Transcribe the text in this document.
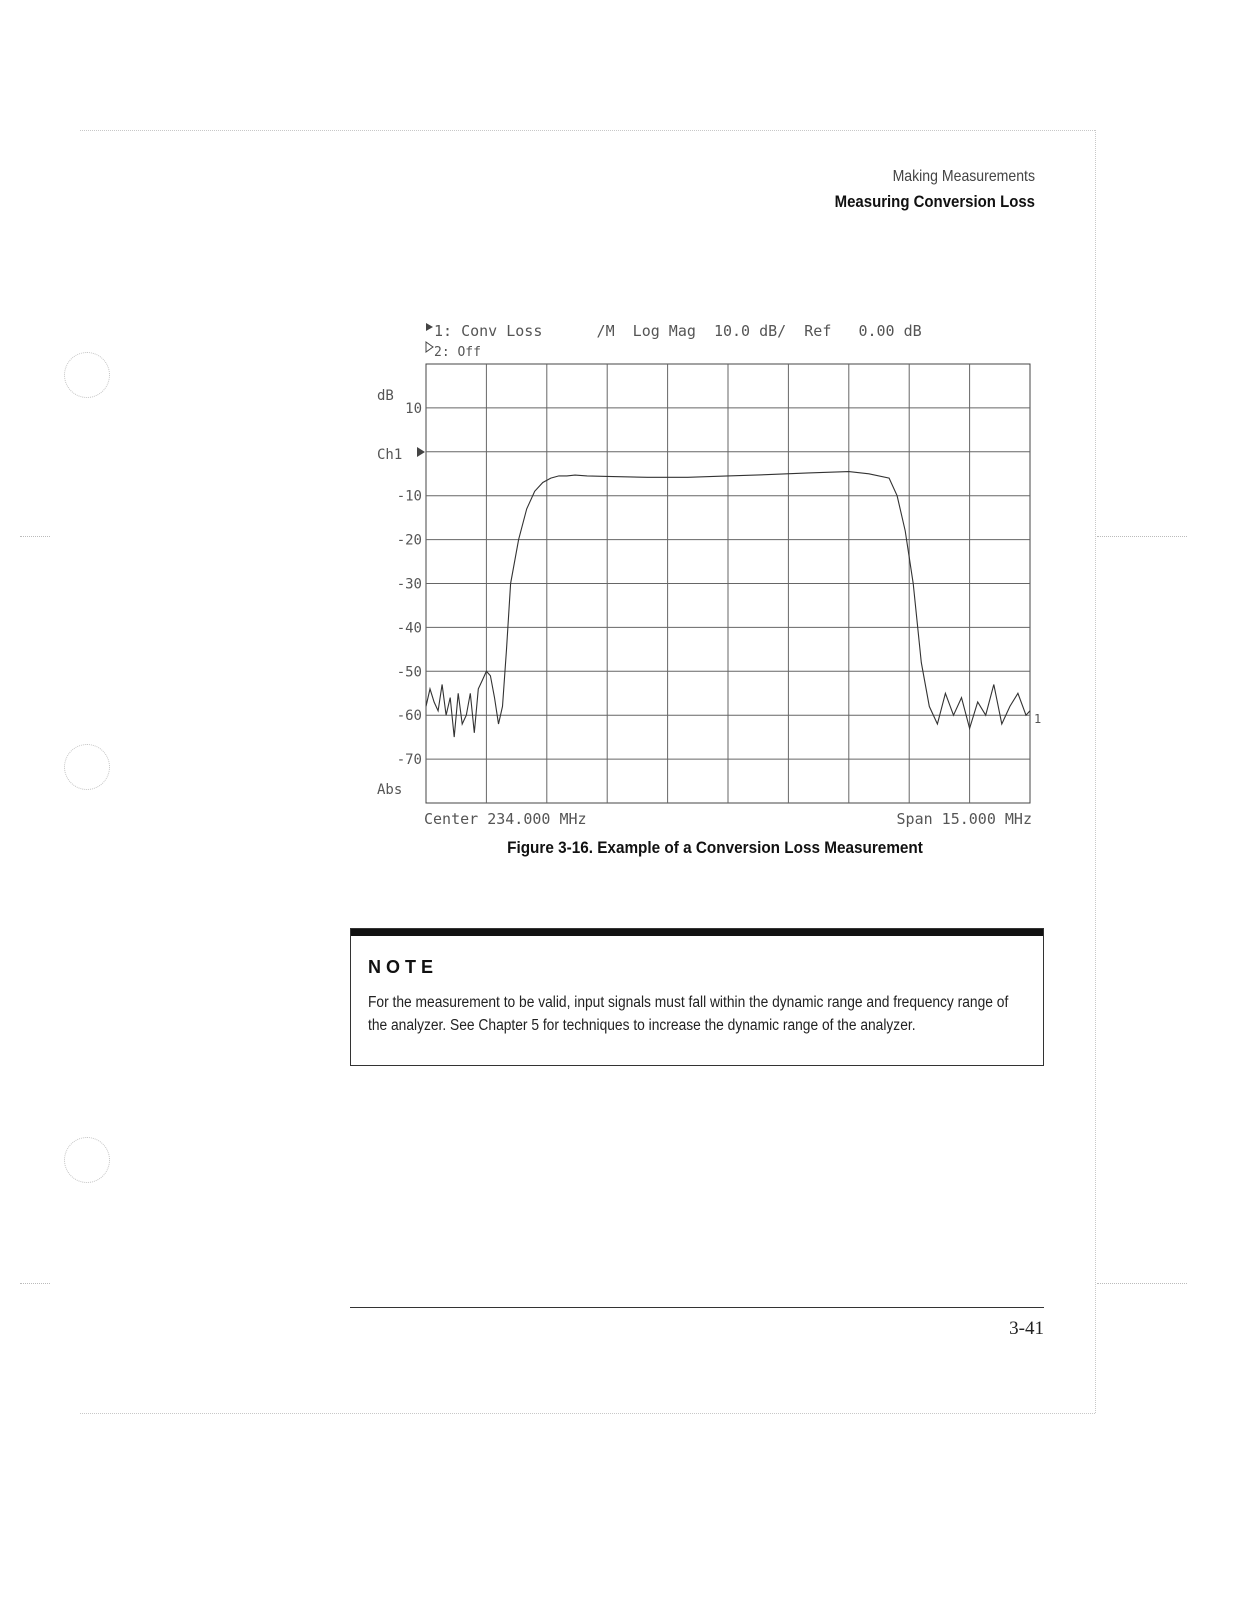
Making Measurements
Measuring Conversion Loss
1: Conv Loss      /M  Log Mag  10.0 dB/  Ref   0.00 dB
2: Off
dB
Ch1
Abs
10
-10
-20
-30
-40
-50
-60
-70
1
Center 234.000 MHz	Span 15.000 MHz
Figure 3-16. Example of a Conversion Loss Measurement
NOTE
For the measurement to be valid, input signals must fall within the dynamic range and frequency range of the analyzer. See Chapter 5 for techniques to increase the dynamic range of the analyzer.
3-41
